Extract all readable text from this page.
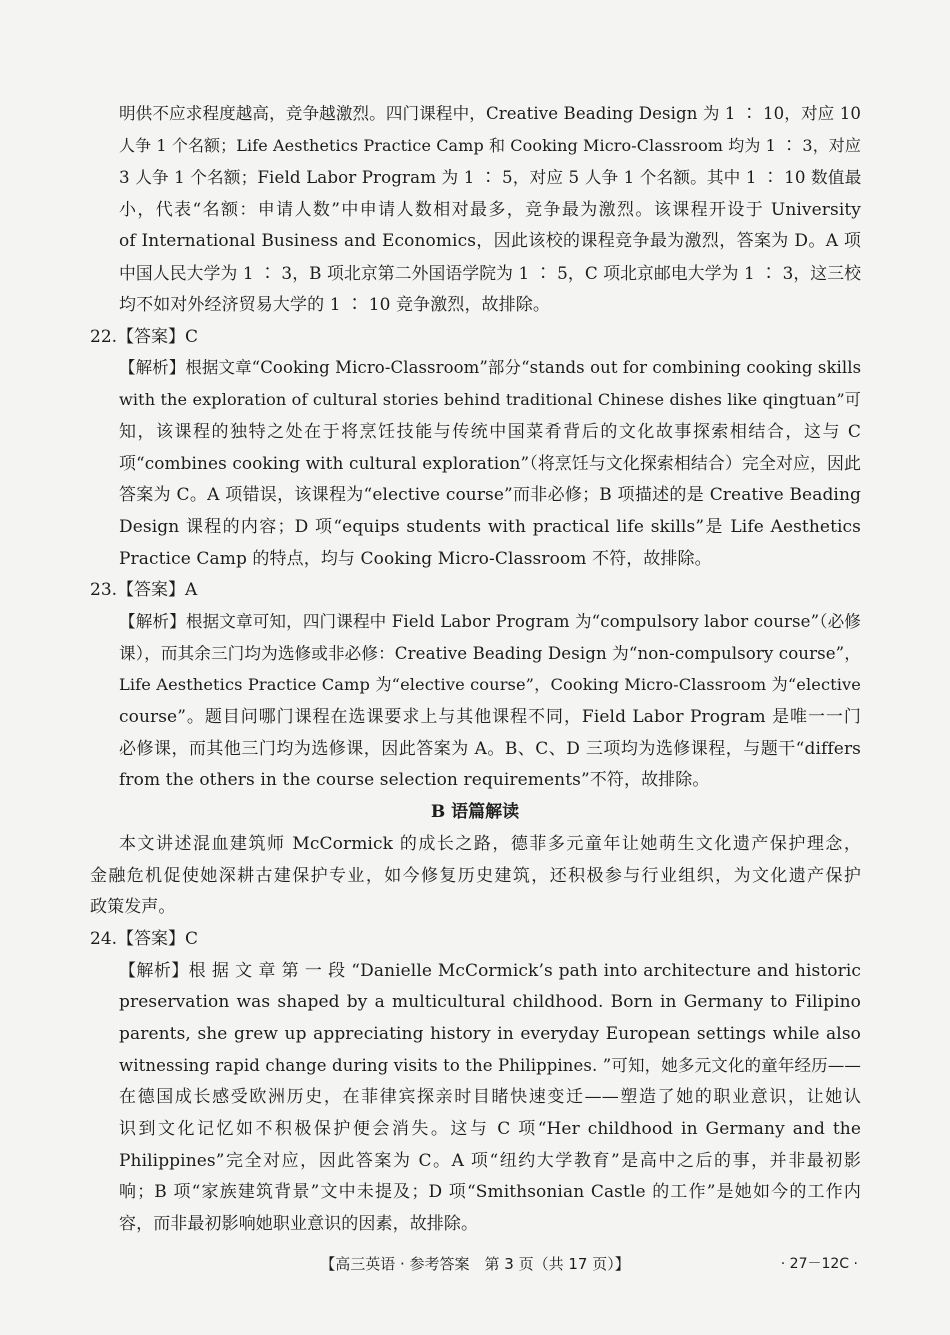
明供不应求程度越高，竞争越激烈。四门课程中，Creative Beading Design 为 1 ∶ 10，对应 10
人争 1 个名额；Life Aesthetics Practice Camp 和 Cooking Micro-Classroom 均为 1 ∶ 3，对应
3 人争 1 个名额；Field Labor Program 为 1 ∶ 5，对应 5 人争 1 个名额。其中 1 ∶ 10 数值最
小，代表“名额：申请人数”中申请人数相对最多，竞争最为激烈。该课程开设于 University
of International Business and Economics，因此该校的课程竞争最为激烈，答案为 D。A 项
中国人民大学为 1 ∶ 3，B 项北京第二外国语学院为 1 ∶ 5，C 项北京邮电大学为 1 ∶ 3，这三校
均不如对外经济贸易大学的 1 ∶ 10 竞争激烈，故排除。
22.【答案】C
【解析】根据文章“Cooking Micro-Classroom”部分“stands out for combining cooking skills
with the exploration of cultural stories behind traditional Chinese dishes like qingtuan”可
知，该课程的独特之处在于将烹饪技能与传统中国菜肴背后的文化故事探索相结合，这与 C
项“combines cooking with cultural exploration”（将烹饪与文化探索相结合）完全对应，因此
答案为 C。A 项错误，该课程为“elective course”而非必修；B 项描述的是 Creative Beading
Design 课程的内容；D 项“equips students with practical life skills”是 Life Aesthetics
Practice Camp 的特点，均与 Cooking Micro-Classroom 不符，故排除。
23.【答案】A
【解析】根据文章可知，四门课程中 Field Labor Program 为“compulsory labor course”（必修
课），而其余三门均为选修或非必修：Creative Beading Design 为“non-compulsory course”，
Life Aesthetics Practice Camp 为“elective course”，Cooking Micro-Classroom 为“elective
course”。题目问哪门课程在选课要求上与其他课程不同，Field Labor Program 是唯一一门
必修课，而其他三门均为选修课，因此答案为 A。B、C、D 三项均为选修课程，与题干“differs
from the others in the course selection requirements”不符，故排除。
B 语篇解读
本文讲述混血建筑师 McCormick 的成长之路，德菲多元童年让她萌生文化遗产保护理念，
金融危机促使她深耕古建保护专业，如今修复历史建筑，还积极参与行业组织，为文化遗产保护
政策发声。
24.【答案】C
【解析】根 据 文 章 第 一 段 “Danielle McCormick’s path into architecture and historic
preservation was shaped by a multicultural childhood. Born in Germany to Filipino
parents, she grew up appreciating history in everyday European settings while also
witnessing rapid change during visits to the Philippines. ”可知，她多元文化的童年经历——
在德国成长感受欧洲历史，在菲律宾探亲时目睹快速变迁——塑造了她的职业意识，让她认
识到文化记忆如不积极保护便会消失。这与 C 项“Her childhood in Germany and the
Philippines”完全对应，因此答案为 C。A 项“纽约大学教育”是高中之后的事，并非最初影
响；B 项“家族建筑背景”文中未提及；D 项“Smithsonian Castle 的工作”是她如今的工作内
容，而非最初影响她职业意识的因素，故排除。
【高三英语 · 参考答案　第 3 页（共 17 页）】	· 27－12C ·
